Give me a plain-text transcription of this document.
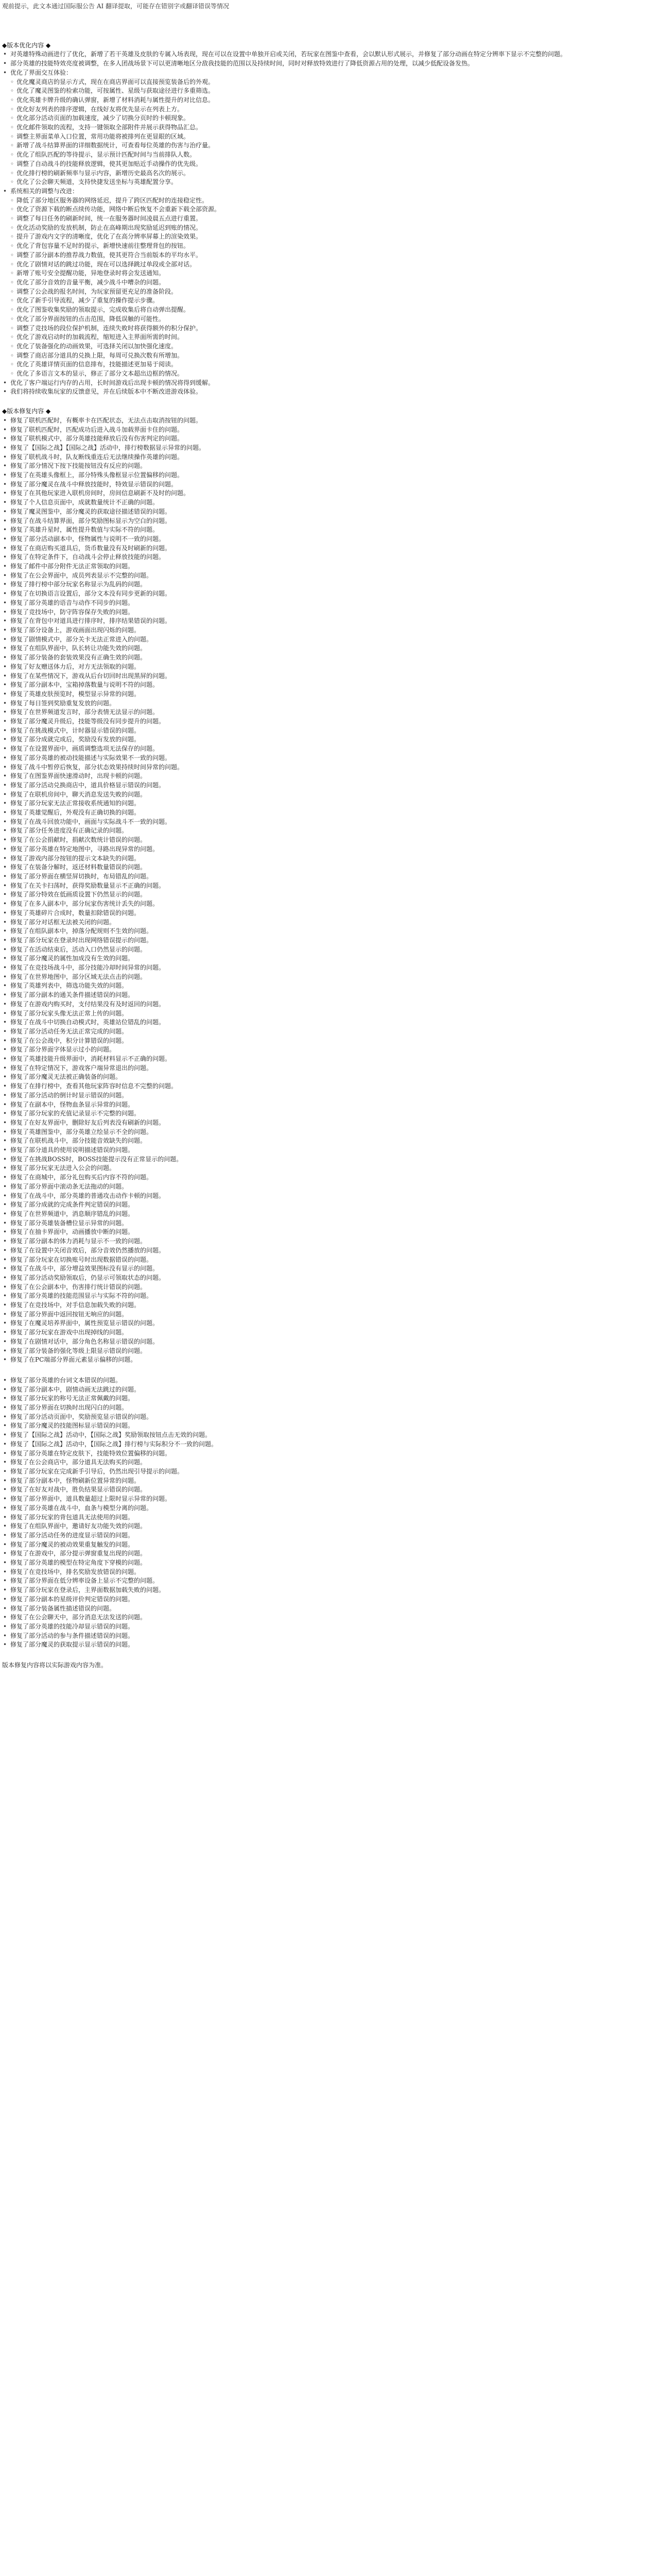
观前提示，此文本通过国际服公告 AI 翻译提取，可能存在错别字或翻译错误等情况

◆版本优化内容 ◆

• 对英雄特殊动画进行了优化，新增了若干英雄及皮肤的专属入场表现，现在可以在设置中单独开启或关闭，若玩家在图鉴中查看，会以默认形式展示，并修复了部分动画在特定分辨率下显示不完整的问题。

• 部分英雄的技能特效亮度被调整，在多人团战场景下可以更清晰地区分敌我技能的范围以及持续时间，同时对释放特效进行了降低资源占用的处理，以减少低配设备发热。

• 优化了界面交互体验：

◦ 优化魔灵商店的显示方式，现在在商店界面可以直接预览装备后的外观。

◦ 优化了魔灵图鉴的检索功能，可按属性、星级与获取途径进行多重筛选。

◦ 优化英雄卡牌升级的确认弹窗，新增了材料消耗与属性提升的对比信息。

◦ 优化好友列表的排序逻辑，在线好友将优先显示在列表上方。

◦ 优化部分活动页面的加载速度，减少了切换分页时的卡顿现象。

◦ 优化邮件领取的流程，支持一键领取全部附件并展示获得物品汇总。

◦ 调整主界面菜单入口位置，常用功能将被排列在更显眼的区域。

◦ 新增了战斗结算界面的详细数据统计，可查看每位英雄的伤害与治疗量。

◦ 优化了组队匹配的等待提示，显示预计匹配时间与当前排队人数。

◦ 调整了自动战斗的技能释放逻辑，使其更加贴近手动操作的优先级。

◦ 优化排行榜的刷新频率与显示内容，新增历史最高名次的展示。

◦ 优化了公会聊天频道，支持快捷发送坐标与英雄配置分享。

• 系统相关的调整与改进：

◦ 降低了部分地区服务器的网络延迟，提升了跨区匹配时的连接稳定性。

◦ 优化了资源下载的断点续传功能，网络中断后恢复不会重新下载全部资源。

◦ 调整了每日任务的刷新时间，统一在服务器时间凌晨五点进行重置。

◦ 优化活动奖励的发放机制，防止在高峰期出现奖励延迟到账的情况。

◦ 提升了游戏内文字的清晰度，优化了在高分辨率屏幕上的渲染效果。

◦ 优化了背包容量不足时的提示，新增快速前往整理背包的按钮。

◦ 调整了部分副本的推荐战力数值，使其更符合当前版本的平均水平。

◦ 优化了剧情对话的跳过功能，现在可以选择跳过单段或全部对话。

◦ 新增了账号安全提醒功能，异地登录时将会发送通知。

◦ 优化了部分音效的音量平衡，减少战斗中嘈杂的问题。

◦ 调整了公会战的报名时间，为玩家预留更充足的准备阶段。

◦ 优化了新手引导流程，减少了重复的操作提示步骤。

◦ 优化了图鉴收集奖励的领取提示，完成收集后将自动弹出提醒。

◦ 优化了部分界面按钮的点击范围，降低误触的可能性。

◦ 调整了竞技场的段位保护机制，连续失败时将获得额外的积分保护。

◦ 优化了游戏启动时的加载流程，缩短进入主界面所需的时间。

◦ 优化了装备强化的动画效果，可选择关闭以加快强化速度。

◦ 调整了商店部分道具的兑换上限，每周可兑换次数有所增加。

◦ 优化了英雄详情页面的信息排布，技能描述更加易于阅读。

◦ 优化了多语言文本的显示，修正了部分文本超出边框的情况。

• 优化了客户端运行内存的占用，长时间游戏后出现卡顿的情况将得到缓解。

• 我们将持续收集玩家的反馈意见，并在后续版本中不断改进游戏体验。

◆版本修复内容 ◆

• 修复了联机匹配时，有概率卡在匹配状态，无法点击取消按钮的问题。

• 修复了联机匹配时，匹配成功后进入战斗加载界面卡住的问题。

• 修复了联机模式中，部分英雄技能释放后没有伤害判定的问题。

• 修复了【国际之战】【国际之战】活动中，排行榜数据显示异常的问题。

• 修复了联机战斗时，队友断线重连后无法继续操作英雄的问题。

• 修复了部分情况下按下技能按钮没有反应的问题。

• 修复了在英雄头像框上，部分特殊头像框显示位置偏移的问题。

• 修复了部分魔灵在战斗中释放技能时，特效显示错误的问题。

• 修复了在其他玩家进入联机房间时，房间信息刷新不及时的问题。

• 修复了个人信息页面中，成就数量统计不正确的问题。

• 修复了魔灵图鉴中，部分魔灵的获取途径描述错误的问题。

• 修复了在战斗结算界面，部分奖励图标显示为空白的问题。

• 修复了英雄升星时，属性提升数值与实际不符的问题。

• 修复了部分活动副本中，怪物属性与说明不一致的问题。

• 修复了在商店购买道具后，货币数量没有及时刷新的问题。

• 修复了在特定条件下，自动战斗会停止释放技能的问题。

• 修复了邮件中部分附件无法正常领取的问题。

• 修复了在公会界面中，成员列表显示不完整的问题。

• 修复了排行榜中部分玩家名称显示为乱码的问题。

• 修复了在切换语言设置后，部分文本没有同步更新的问题。

• 修复了部分英雄的语音与动作不同步的问题。

• 修复了竞技场中，防守阵容保存失败的问题。

• 修复了在背包中对道具进行排序时，排序结果错误的问题。

• 修复了部分设备上，游戏画面出现闪烁的问题。

• 修复了剧情模式中，部分关卡无法正常进入的问题。

• 修复了在组队界面中，队长转让功能失效的问题。

• 修复了部分装备的套装效果没有正确生效的问题。

• 修复了好友赠送体力后，对方无法领取的问题。

• 修复了在某些情况下，游戏从后台切回时出现黑屏的问题。

• 修复了部分副本中，宝箱掉落数量与说明不符的问题。

• 修复了英雄皮肤预览时，模型显示异常的问题。

• 修复了每日签到奖励重复发放的问题。

• 修复了在世界频道发言时，部分表情无法显示的问题。

• 修复了部分魔灵升级后，技能等级没有同步提升的问题。

• 修复了在挑战模式中，计时器显示错误的问题。

• 修复了部分成就完成后，奖励没有发放的问题。

• 修复了在设置界面中，画质调整选项无法保存的问题。

• 修复了部分英雄的被动技能描述与实际效果不一致的问题。

• 修复了战斗中暂停后恢复，部分状态效果持续时间异常的问题。

• 修复了在图鉴界面快速滑动时，出现卡顿的问题。

• 修复了部分活动兑换商店中，道具价格显示错误的问题。

• 修复了在联机房间中，聊天消息发送失败的问题。

• 修复了部分玩家无法正常接收系统通知的问题。

• 修复了英雄觉醒后，外观没有正确切换的问题。

• 修复了在战斗回放功能中，画面与实际战斗不一致的问题。

• 修复了部分任务进度没有正确记录的问题。

• 修复了在公会捐献时，捐献次数统计错误的问题。

• 修复了部分英雄在特定地图中，寻路出现异常的问题。

• 修复了游戏内部分按钮的提示文本缺失的问题。

• 修复了在装备分解时，返还材料数量错误的问题。

• 修复了部分界面在横竖屏切换时，布局错乱的问题。

• 修复了在关卡扫荡时，获得奖励数量显示不正确的问题。

• 修复了部分特效在低画质设置下仍然显示的问题。

• 修复了在多人副本中，部分玩家伤害统计丢失的问题。

• 修复了英雄碎片合成时，数量扣除错误的问题。

• 修复了部分对话框无法被关闭的问题。

• 修复了在组队副本中，掉落分配规则不生效的问题。

• 修复了部分玩家在登录时出现网络错误提示的问题。

• 修复了在活动结束后，活动入口仍然显示的问题。

• 修复了部分魔灵的属性加成没有生效的问题。

• 修复了在竞技场战斗中，部分技能冷却时间异常的问题。

• 修复了在世界地图中，部分区域无法点击的问题。

• 修复了英雄列表中，筛选功能失效的问题。

• 修复了部分副本的通关条件描述错误的问题。

• 修复了在游戏内购买时，支付结果没有及时返回的问题。

• 修复了部分玩家头像无法正常上传的问题。

• 修复了在战斗中切换自动模式时，英雄站位错乱的问题。

• 修复了部分活动任务无法正常完成的问题。

• 修复了在公会战中，积分计算错误的问题。

• 修复了部分界面字体显示过小的问题。

• 修复了英雄技能升级界面中，消耗材料显示不正确的问题。

• 修复了在特定情况下，游戏客户端异常退出的问题。

• 修复了部分魔灵无法被正确装备的问题。

• 修复了在排行榜中，查看其他玩家阵容时信息不完整的问题。

• 修复了部分活动的倒计时显示错误的问题。

• 修复了在副本中，怪物血条显示异常的问题。

• 修复了部分玩家的充值记录显示不完整的问题。

• 修复了在好友界面中，删除好友后列表没有刷新的问题。

• 修复了英雄图鉴中，部分英雄立绘显示不全的问题。

• 修复了在联机战斗中，部分技能音效缺失的问题。

• 修复了部分道具的使用说明描述错误的问题。

• 修复了在挑战BOSS时，BOSS技能提示没有正常显示的问题。

• 修复了部分玩家无法进入公会的问题。

• 修复了在商城中，部分礼包购买后内容不符的问题。

• 修复了部分界面中滚动条无法拖动的问题。

• 修复了在战斗中，部分英雄的普通攻击动作卡顿的问题。

• 修复了部分成就的完成条件判定错误的问题。

• 修复了在世界频道中，消息顺序错乱的问题。

• 修复了部分英雄装备槽位显示异常的问题。

• 修复了在抽卡界面中，动画播放中断的问题。

• 修复了部分副本的体力消耗与显示不一致的问题。

• 修复了在设置中关闭音效后，部分音效仍然播放的问题。

• 修复了部分玩家在切换账号时出现数据错误的问题。

• 修复了在战斗中，部分增益效果图标没有显示的问题。

• 修复了部分活动奖励领取后，仍显示可领取状态的问题。

• 修复了在公会副本中，伤害排行统计错误的问题。

• 修复了部分英雄的技能范围显示与实际不符的问题。

• 修复了在竞技场中，对手信息加载失败的问题。

• 修复了部分界面中返回按钮无响应的问题。

• 修复了在魔灵培养界面中，属性预览显示错误的问题。

• 修复了部分玩家在游戏中出现掉线的问题。

• 修复了在剧情对话中，部分角色名称显示错误的问题。

• 修复了部分装备的强化等级上限显示错误的问题。

• 修复了在PC端部分界面元素显示偏移的问题。

• 修复了部分英雄的台词文本错误的问题。

• 修复了部分副本中，剧情动画无法跳过的问题。

• 修复了部分玩家的称号无法正常佩戴的问题。

• 修复了部分界面在切换时出现闪白的问题。

• 修复了部分活动页面中，奖励预览显示错误的问题。

• 修复了部分魔灵的技能图标显示错误的问题。

• 修复了【国际之战】活动中，【国际之战】奖励领取按钮点击无效的问题。

• 修复了【国际之战】活动中，【国际之战】排行榜与实际积分不一致的问题。

• 修复了部分英雄在特定皮肤下，技能特效位置偏移的问题。

• 修复了在公会商店中，部分道具无法购买的问题。

• 修复了部分玩家在完成新手引导后，仍然出现引导提示的问题。

• 修复了部分副本中，怪物刷新位置异常的问题。

• 修复了在好友对战中，胜负结果显示错误的问题。

• 修复了部分界面中，道具数量超过上限时显示异常的问题。

• 修复了部分英雄在战斗中，血条与模型分离的问题。

• 修复了部分玩家的背包道具无法使用的问题。

• 修复了在组队界面中，邀请好友功能失效的问题。

• 修复了部分活动任务的进度显示错误的问题。

• 修复了部分魔灵的被动效果重复触发的问题。

• 修复了在游戏中，部分提示弹窗重复出现的问题。

• 修复了部分英雄的模型在特定角度下穿模的问题。

• 修复了在竞技场中，排名奖励发放错误的问题。

• 修复了部分界面在低分辨率设备上显示不完整的问题。

• 修复了部分玩家在登录后，主界面数据加载失败的问题。

• 修复了部分副本的星级评价判定错误的问题。

• 修复了部分装备属性描述错误的问题。

• 修复了在公会聊天中，部分消息无法发送的问题。

• 修复了部分英雄的技能冷却显示错误的问题。

• 修复了部分活动的参与条件描述错误的问题。

• 修复了部分魔灵的获取提示显示错误的问题。

版本修复内容将以实际游戏内容为准。
